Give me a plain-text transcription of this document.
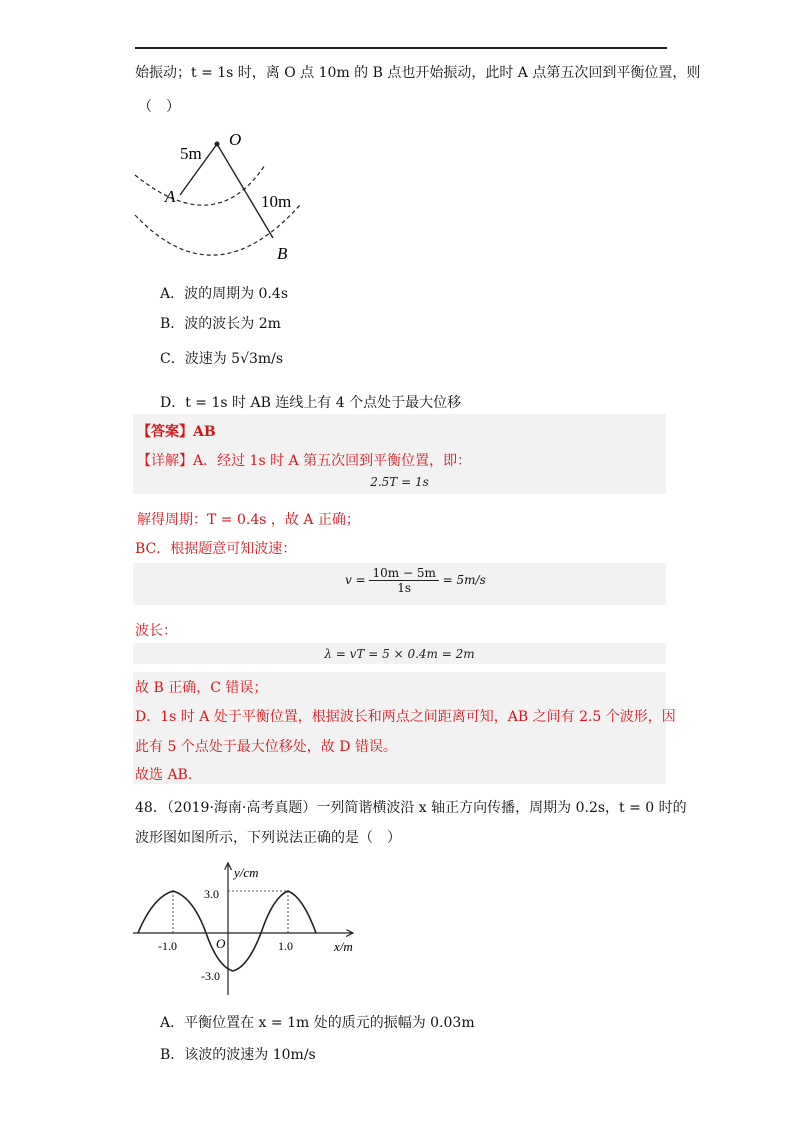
始振动；t = 1s 时，离 O 点 10m 的 B 点也开始振动，此时 A 点第五次回到平衡位置，则
（　）
5m
O
A	10m
B
A．波的周期为 0.4s
B．波的波长为 2m
C．波速为 5√3m/s
D．t = 1s 时 AB 连线上有 4 个点处于最大位移
【答案】AB
【详解】A．经过 1s 时 A 第五次回到平衡位置，即：
2.5T = 1s
解得周期：T = 0.4s ，故 A 正确；
BC．根据题意可知波速：
$v = \frac{10m - 5m}{1s} = 5m/s$
波长：
λ = vT = 5 × 0.4m = 2m
故 B 正确，C 错误；
D．1s 时 A 处于平衡位置，根据波长和两点之间距离可知，AB 之间有 2.5 个波形，因
此有 5 个点处于最大位移处，故 D 错误。
故选 AB.
48．（2019·海南·高考真题）一列简谐横波沿 x 轴正方向传播，周期为 0.2s，t = 0 时的
波形图如图所示，下列说法正确的是（　）
y/cm
x/m
O
3.0
-3.0
-1.0	1.0
A．平衡位置在 x = 1m 处的质元的振幅为 0.03m
B．该波的波速为 10m/s
